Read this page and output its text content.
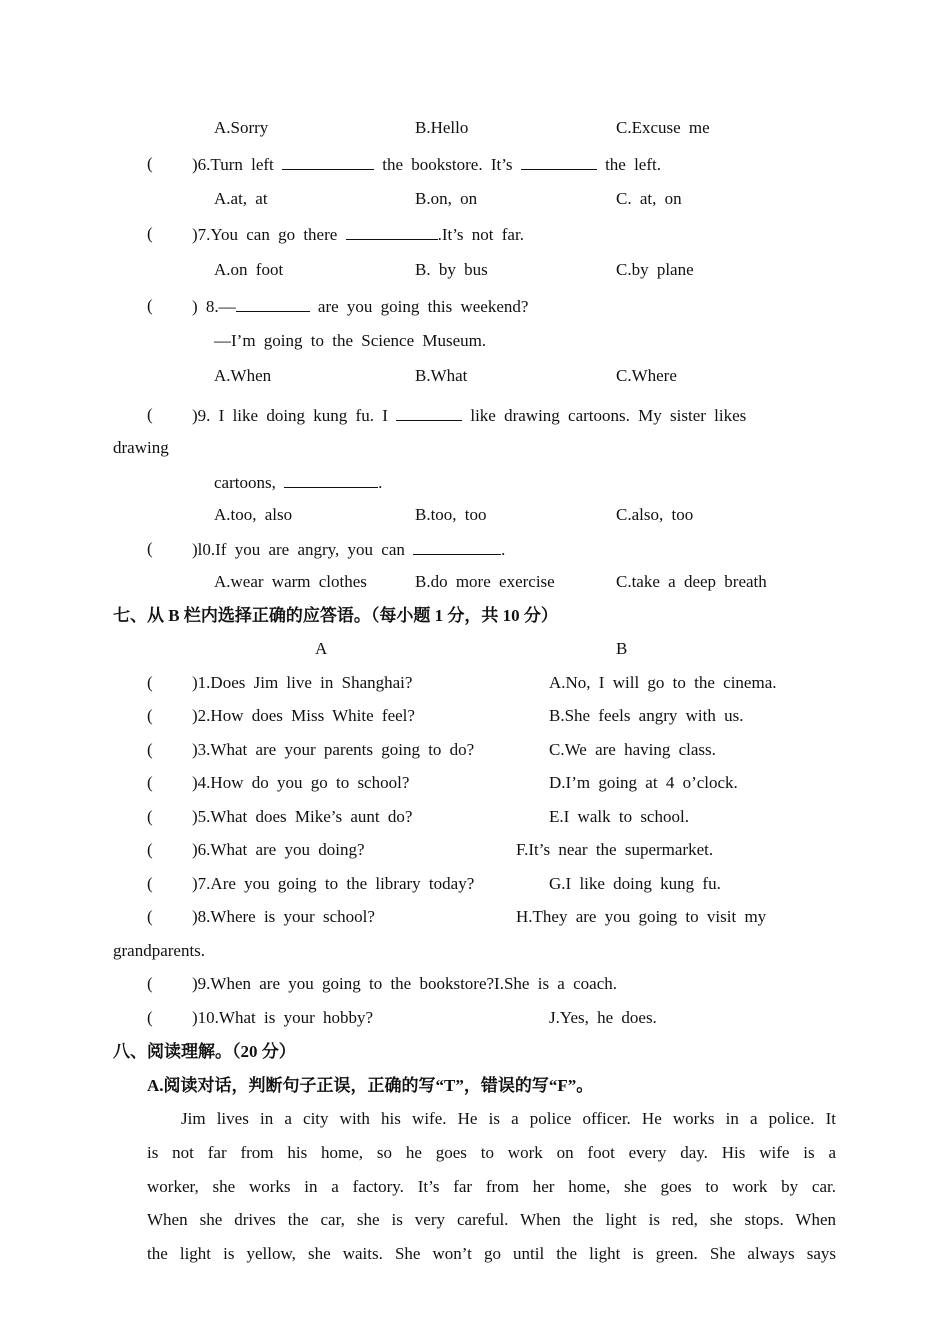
A.Sorry	B.Hello	C.Excuse me
( )6.Turn left	the bookstore. It’s	the left.
A.at, at	B.on, on	C. at, on
( )7.You can go there	.It’s not far.
A.on foot	B. by bus	C.by plane
( ) 8.—	are you going this weekend?
—I’m going to the Science Museum.
A.When	B.What	C.Where
( )9. I like doing kung fu. I	like drawing cartoons. My sister likes
drawing
cartoons,	.
A.too, also	B.too, too	C.also, too
( )l0.If you are angry, you can	.
A.wear warm clothes	B.do more exercise	C.take a deep breath
七、从 B 栏内选择正确的应答语。（每小题 1 分，共 10 分）
A	B
( )1.Does Jim live in Shanghai?	A.No, I will go to the cinema.
( )2.How does Miss White feel?	B.She feels angry with us.
( )3.What are your parents going to do?	C.We are having class.
( )4.How do you go to school?	D.I’m going at 4 o’clock.
( )5.What does Mike’s aunt do?	E.I walk to school.
( )6.What are you doing?	F.It’s near the supermarket.
( )7.Are you going to the library today?	G.I like doing kung fu.
( )8.Where is your school?	H.They are you going to visit my
grandparents.
( )9.When are you going to the bookstore?I.She is a coach.
( )10.What is your hobby?	J.Yes, he does.
八、阅读理解。（20 分）
A.阅读对话，判断句子正误，正确的写“T”，错误的写“F”。
Jim lives in a city with his wife. He is a police officer. He works in a police. It
is not far from his home, so he goes to work on foot every day. His wife is a
worker, she works in a factory. It’s far from her home, she goes to work by car.
When she drives the car, she is very careful. When the light is red, she stops. When
the light is yellow, she waits. She won’t go until the light is green. She always says
